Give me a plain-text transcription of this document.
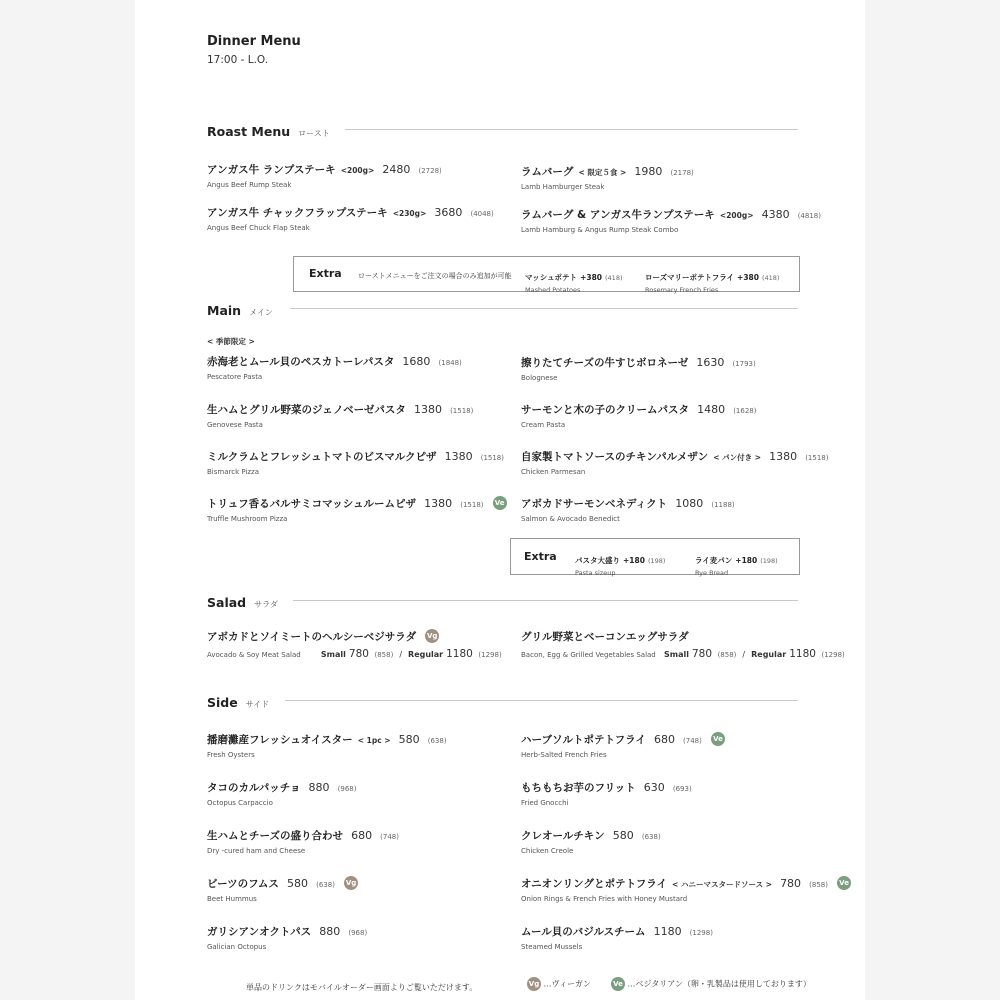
Dinner Menu
17:00 - L.O.
Roast Menu ロースト
アンガス牛 ランプステーキ <200g> 2480 (2728)
Angus Beef Rump Steak
ラムバーグ < 限定５食 > 1980 (2178)
Lamb Hamburger Steak
アンガス牛 チャックフラップステーキ <230g> 3680 (4048)
Angus Beef Chuck Flap Steak
ラムバーグ & アンガス牛ランプステーキ <200g> 4380 (4818)
Lamb Hamburg & Angus Rump Steak Combo
Extra ローストメニューをご注文の場合のみ追加が可能 マッシュポテト +380 (418)
Mashed Potatoes
ローズマリーポテトフライ +380 (418)
Rosemary French Fries
Main メイン
< 季節限定 >
赤海老とムール貝のペスカトーレパスタ 1680 (1848)
Pescatore Pasta
擦りたてチーズの牛すじボロネーゼ 1630 (1793)
Bolognese
生ハムとグリル野菜のジェノベーゼパスタ 1380 (1518)
Genovese Pasta
サーモンと木の子のクリームパスタ 1480 (1628)
Cream Pasta
ミルクラムとフレッシュトマトのビスマルクピザ 1380 (1518)
Bismarck Pizza
自家製トマトソースのチキンパルメザン < パン付き > 1380 (1518)
Chicken Parmesan
トリュフ香るバルサミコマッシュルームピザ 1380 (1518) Ve
Truffle Mushroom Pizza
アボカドサーモンベネディクト 1080 (1188)
Salmon & Avocado Benedict
Extra パスタ大盛り +180 (198)
Pasta sizeup
ライ麦パン +180 (198)
Rye Bread
Salad サラダ
アボカドとソイミートのヘルシーベジサラダ Vg
Avocado & Soy Meat Salad	Small 780 (858) / Regular 1180 (1298)
グリル野菜とベーコンエッグサラダ
Bacon, Egg & Grilled Vegetables Salad Small 780 (858) / Regular 1180 (1298)
Side サイド
播磨灘産フレッシュオイスター < 1pc > 580 (638)
Fresh Oysters
ハーブソルトポテトフライ 680 (748) Ve
Herb-Salted French Fries
タコのカルパッチョ 880 (968)
Octopus Carpaccio
もちもちお芋のフリット 630 (693)
Fried Gnocchi
生ハムとチーズの盛り合わせ 680 (748)
Dry -cured ham and Cheese
クレオールチキン 580 (638)
Chicken Creole
ビーツのフムス 580 (638) Vg
Beet Hummus
オニオンリングとポテトフライ < ハニーマスタードソース > 780 (858) Ve
Onion Rings & French Fries with Honey Mustard
ガリシアンオクトパス 880 (968)
Galician Octopus
ムール貝のバジルスチーム 1180 (1298)
Steamed Mussels
単品のドリンクはモバイルオーダー画面よりご覧いただけます。	Vg …ヴィーガン	Ve …ベジタリアン（卵・乳製品は使用しております）
